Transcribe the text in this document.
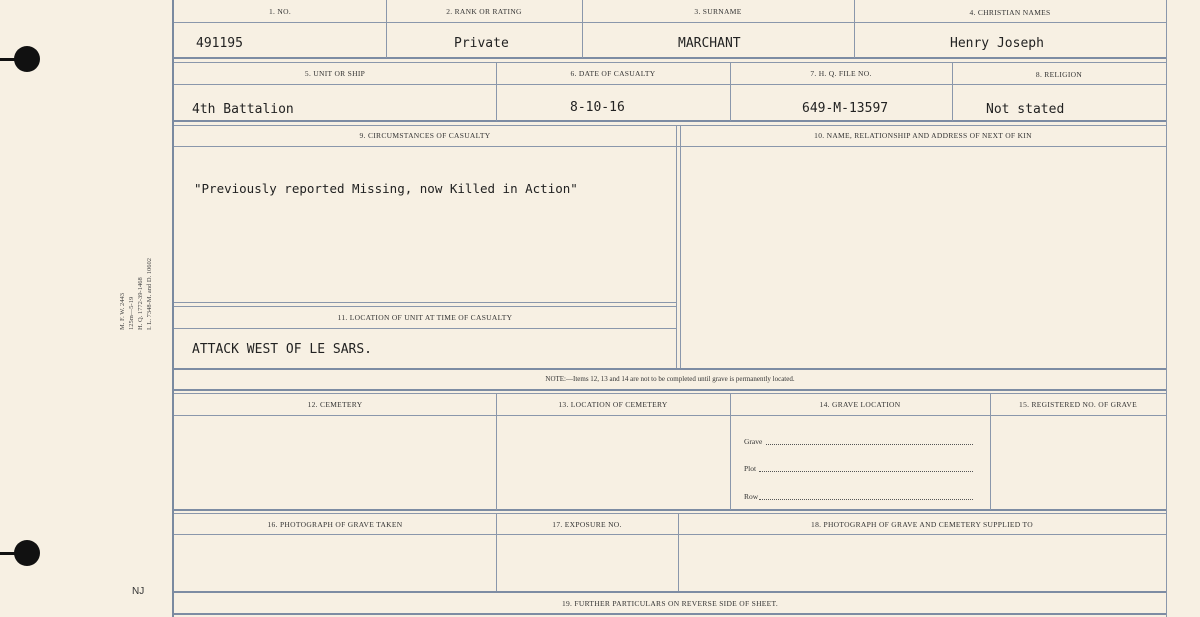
M. F. W. 2443 125m—5-19 H. Q. 1772-39-1468 I. L. 7348-M. and D. 10602
NJ
1. NO.	2. RANK OR RATING	3. SURNAME	4. CHRISTIAN NAMES
491195	Private	MARCHANT	Henry Joseph
5. UNIT OR SHIP	6. DATE OF CASUALTY	7. H. Q. FILE NO.	8. RELIGION
4th Battalion	8-10-16	649-M-13597	Not stated
9. CIRCUMSTANCES OF CASUALTY	10. NAME, RELATIONSHIP AND ADDRESS OF NEXT OF KIN
"Previously reported Missing, now Killed in Action"
11. LOCATION OF UNIT AT TIME OF CASUALTY
ATTACK WEST OF LE SARS.
NOTE:—Items 12, 13 and 14 are not to be completed until grave is permanently located.
12. CEMETERY	13. LOCATION OF CEMETERY	14. GRAVE LOCATION	15. REGISTERED NO. OF GRAVE
Grave
Plot
Row
16. PHOTOGRAPH OF GRAVE TAKEN	17. EXPOSURE NO.	18. PHOTOGRAPH OF GRAVE AND CEMETERY SUPPLIED TO
19. FURTHER PARTICULARS ON REVERSE SIDE OF SHEET.
